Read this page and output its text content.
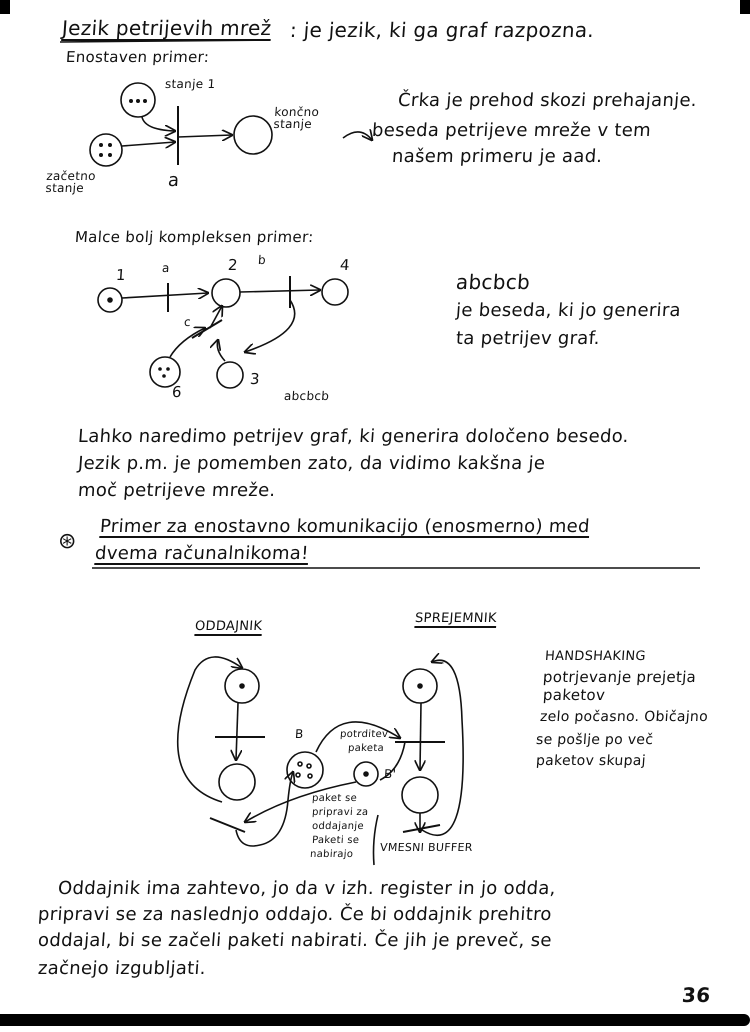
Jezik petrijevih mrež : je jezik, ki ga graf razpozna.
Enostaven primer:
stanje 1
končno stanje
začetno stanje	a
Črka je prehod skozi prehajanje.
beseda petrijeve mreže v tem
našem primeru je aad.
Malce bolj kompleksen primer:
1	a	2 b	4
c
6
3
abcbcb
abcbcb
je beseda, ki jo generira
ta petrijev graf.
Lahko naredimo petrijev graf, ki generira določeno besedo.
Jezik p.m. je pomemben zato, da vidimo kakšna je
moč petrijeve mreže.
Primer za enostavno komunikacijo (enosmerno) med
dvema računalnikoma!
ODDAJNIK
SPREJEMNIK
B
B'
potrditev
paketa
paket se
pripravi za
oddajanje
Paketi se
nabirajo
VMESNI BUFFER
HANDSHAKING
potrjevanje prejetja
paketov
zelo počasno. Običajno
se pošlje po več
paketov skupaj
Oddajnik ima zahtevo, jo da v izh. register in jo odda,
pripravi se za naslednjo oddajo. Če bi oddajnik prehitro
oddajal, bi se začeli paketi nabirati. Če jih je preveč, se
začnejo izgubljati.
36
⊛
